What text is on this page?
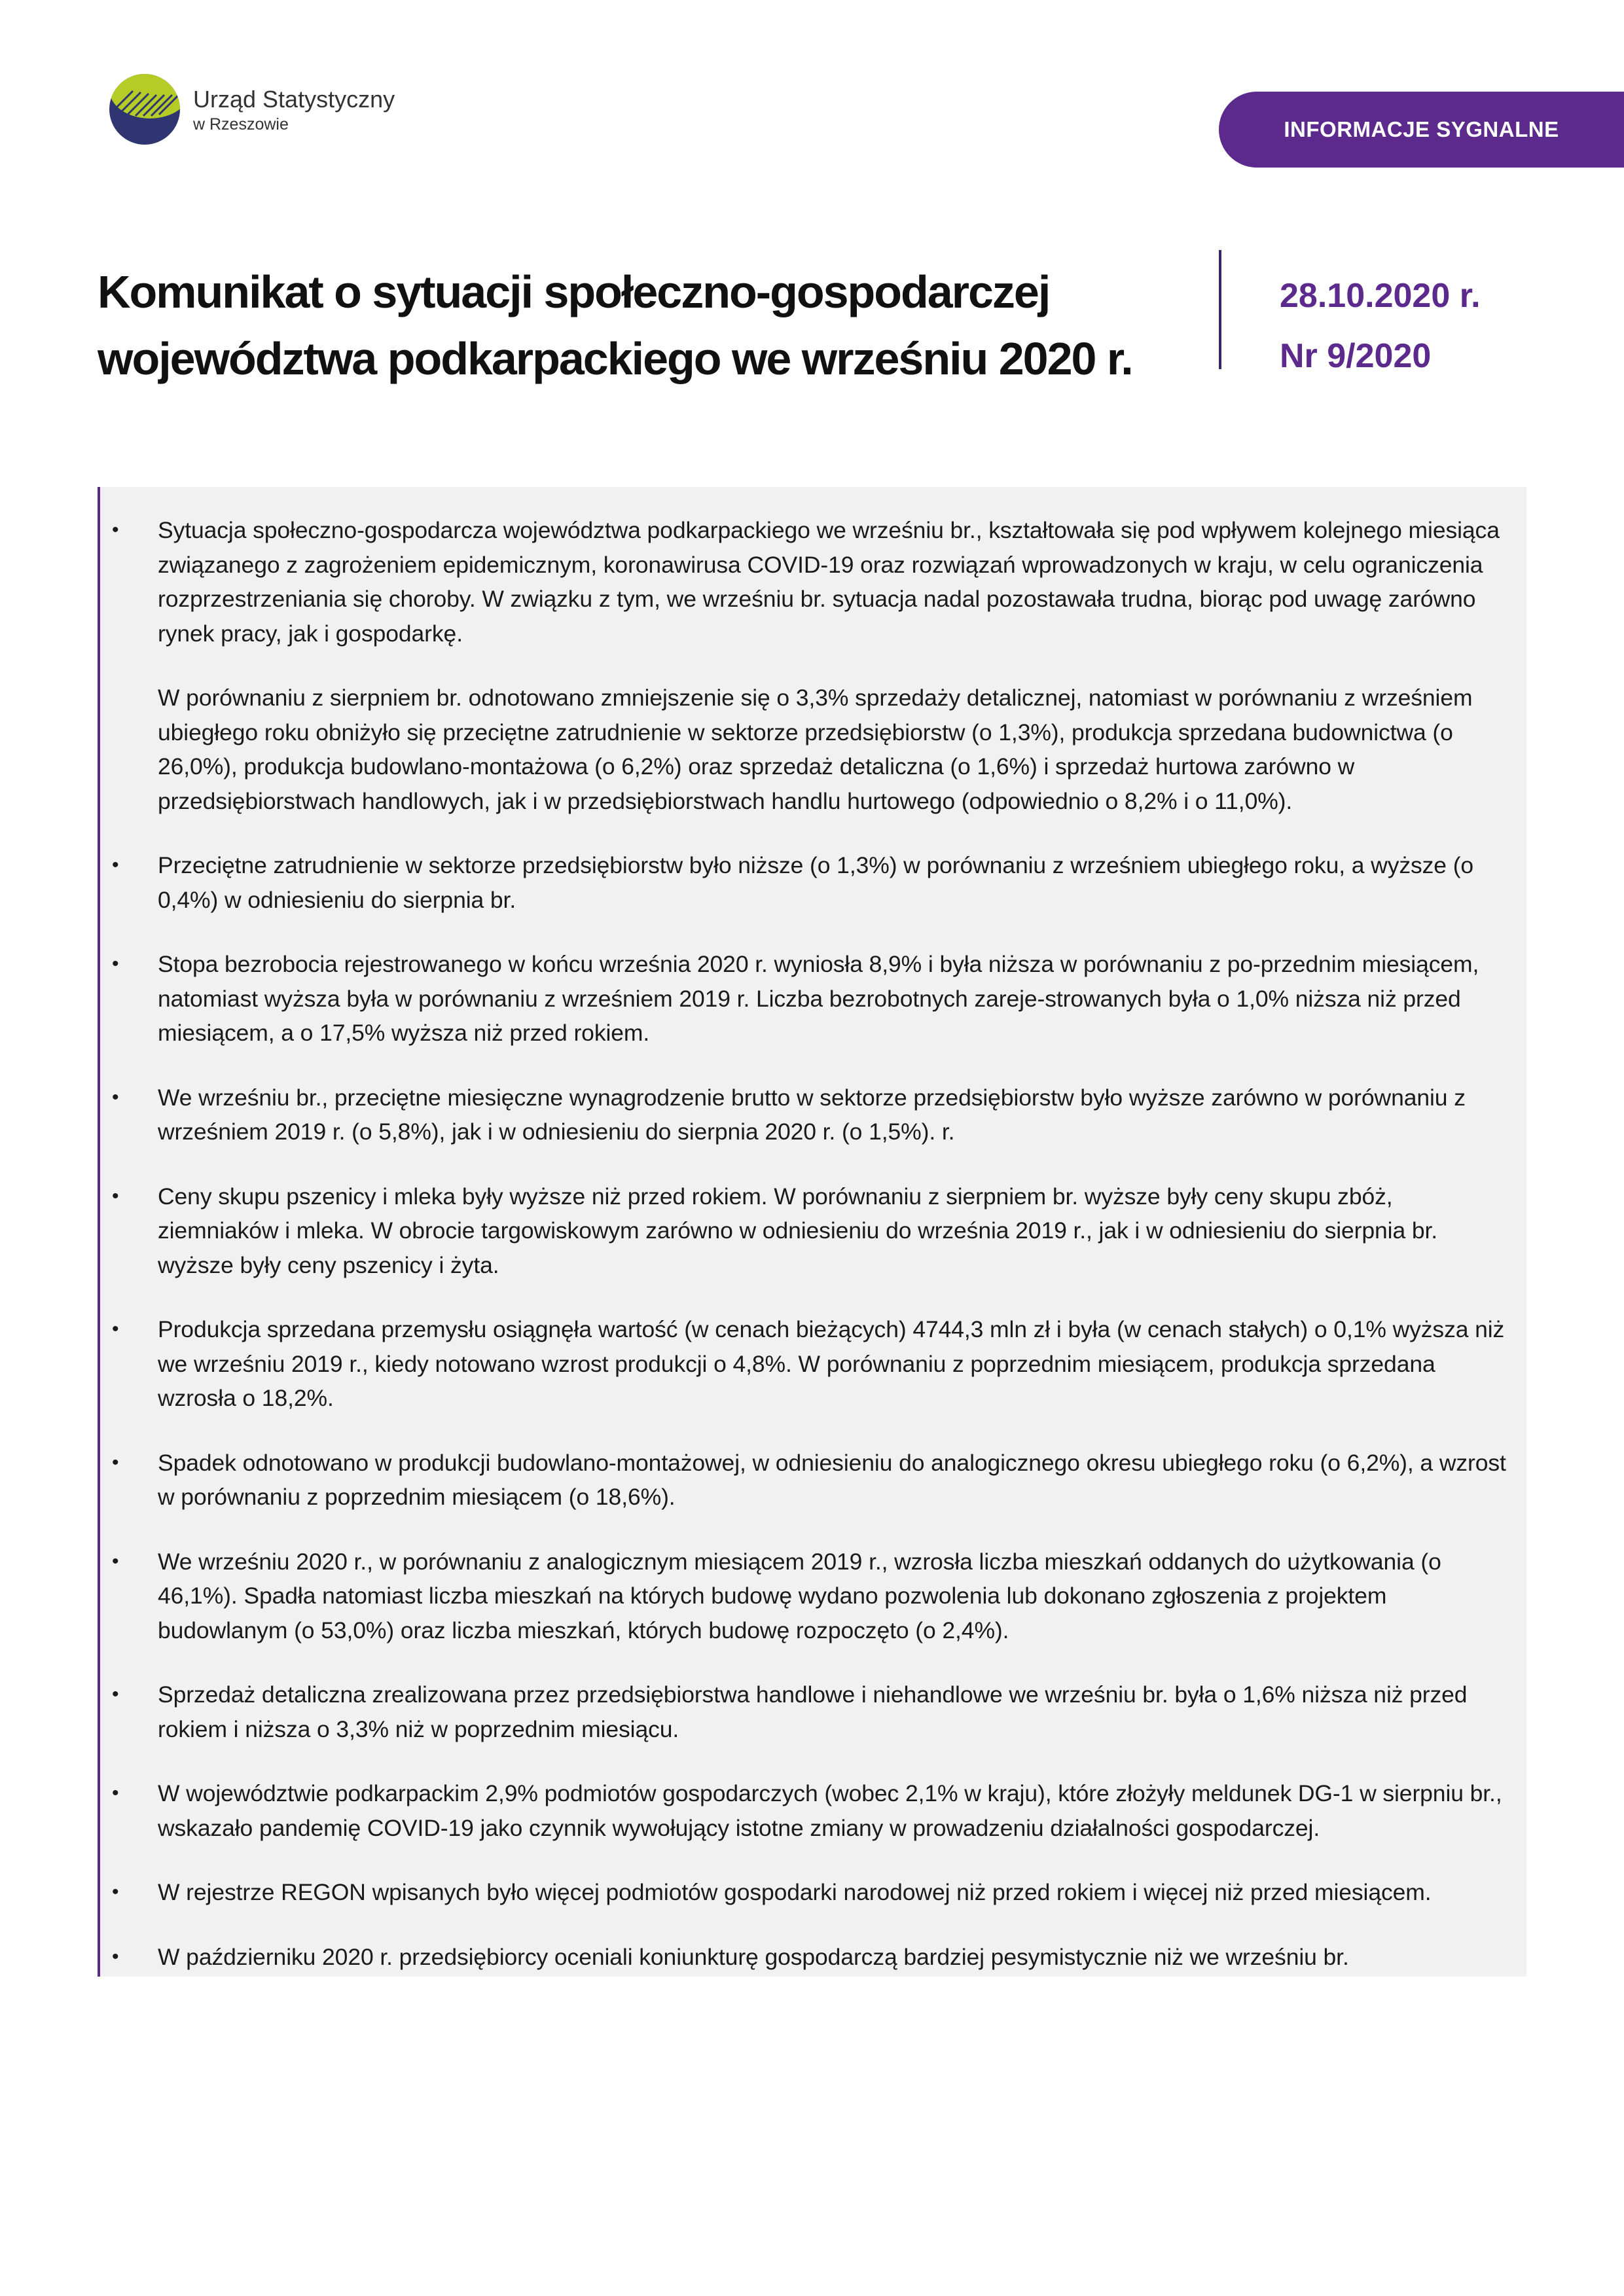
Urząd Statystyczny
w Rzeszowie	INFORMACJE SYGNALNE
Komunikat o sytuacji społeczno-gospodarczej
województwa podkarpackiego we wrześniu 2020 r.
28.10.2020 r.
Nr 9/2020
• Sytuacja społeczno-gospodarcza województwa podkarpackiego we wrześniu br., kształtowała się pod wpływem kolejnego miesiąca związanego z zagrożeniem epidemicznym, koronawirusa COVID-19 oraz rozwiązań wprowadzonych w kraju, w celu ograniczenia rozprzestrzeniania się choroby. W związku z tym, we wrześniu br. sytuacja nadal pozostawała trudna, biorąc pod uwagę zarówno rynek pracy, jak i gospodarkę.

W porównaniu z sierpniem br. odnotowano zmniejszenie się o 3,3% sprzedaży detalicznej, natomiast w porównaniu z wrześniem ubiegłego roku obniżyło się przeciętne zatrudnienie w sektorze przedsiębiorstw (o 1,3%), produkcja sprzedana budownictwa (o 26,0%), produkcja budowlano-montażowa (o 6,2%) oraz sprzedaż detaliczna (o 1,6%) i sprzedaż hurtowa zarówno w przedsiębiorstwach handlowych, jak i w przedsiębiorstwach handlu hurtowego (odpowiednio o 8,2% i o 11,0%).

• Przeciętne zatrudnienie w sektorze przedsiębiorstw było niższe (o 1,3%) w porównaniu z wrześniem ubiegłego roku, a wyższe (o 0,4%) w odniesieniu do sierpnia br.

• Stopa bezrobocia rejestrowanego w końcu września 2020 r. wyniosła 8,9% i była niższa w porównaniu z po-przednim miesiącem, natomiast wyższa była w porównaniu z wrześniem 2019 r. Liczba bezrobotnych zareje-strowanych była o 1,0% niższa niż przed miesiącem, a o 17,5% wyższa niż przed rokiem.

• We wrześniu br., przeciętne miesięczne wynagrodzenie brutto w sektorze przedsiębiorstw było wyższe zarówno w porównaniu z wrześniem 2019 r. (o 5,8%), jak i w odniesieniu do sierpnia 2020 r. (o 1,5%). r.

• Ceny skupu pszenicy i mleka były wyższe niż przed rokiem. W porównaniu z sierpniem br. wyższe były ceny skupu zbóż, ziemniaków i mleka. W obrocie targowiskowym zarówno w odniesieniu do września 2019 r., jak i w odniesieniu do sierpnia br. wyższe były ceny pszenicy i żyta.

• Produkcja sprzedana przemysłu osiągnęła wartość (w cenach bieżących) 4744,3 mln zł i była (w cenach stałych) o 0,1% wyższa niż we wrześniu 2019 r., kiedy notowano wzrost produkcji o 4,8%. W porównaniu z poprzednim miesiącem, produkcja sprzedana wzrosła o 18,2%.

• Spadek odnotowano w produkcji budowlano-montażowej, w odniesieniu do analogicznego okresu ubiegłego roku (o 6,2%), a wzrost w porównaniu z poprzednim miesiącem (o 18,6%).

• We wrześniu 2020 r., w porównaniu z analogicznym miesiącem 2019 r., wzrosła liczba mieszkań oddanych do użytkowania (o 46,1%). Spadła natomiast liczba mieszkań na których budowę wydano pozwolenia lub dokonano zgłoszenia z projektem budowlanym (o 53,0%) oraz liczba mieszkań, których budowę rozpoczęto (o 2,4%).

• Sprzedaż detaliczna zrealizowana przez przedsiębiorstwa handlowe i niehandlowe we wrześniu br. była o 1,6% niższa niż przed rokiem i niższa o 3,3% niż w poprzednim miesiącu.

• W województwie podkarpackim 2,9% podmiotów gospodarczych (wobec 2,1% w kraju), które złożyły meldunek DG-1 w sierpniu br., wskazało pandemię COVID-19 jako czynnik wywołujący istotne zmiany w prowadzeniu działalności gospodarczej.

• W rejestrze REGON wpisanych było więcej podmiotów gospodarki narodowej niż przed rokiem i więcej niż przed miesiącem.

• W październiku 2020 r. przedsiębiorcy oceniali koniunkturę gospodarczą bardziej pesymistycznie niż we wrześniu br.
